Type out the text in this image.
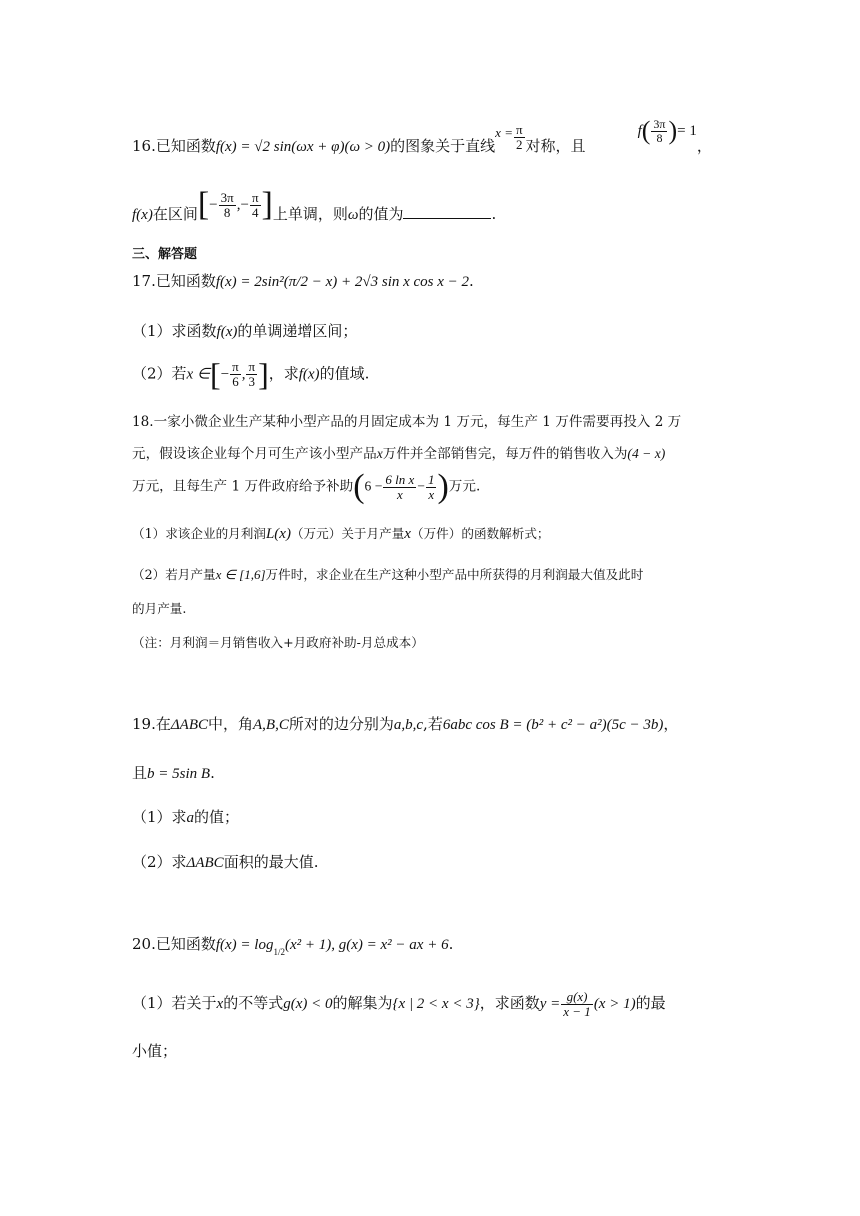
16.已知函数f(x) = √2 sin(ωx + φ)(ω > 0)的图象关于直线$x = \frac{\pi}{2}$ 对称，且$f( \frac{3\pi}{8}$ )= 1，
f(x)在区间[− $\frac{3\pi}{8}$ ,− $\frac{\pi}{4}$ ]上单调，则ω的值为	.
三、解答题
17.已知函数f(x) = 2sin²(π/2 − x) + 2√3 sin x cos x − 2.
（1）求函数f(x)的单调递增区间；
（2）若x ∈[− $\frac{\pi}{6}$ , $\frac{\pi}{3}$ ]，求f(x)的值域.
18.一家小微企业生产某种小型产品的月固定成本为 1 万元，每生产 1 万件需要再投入 2 万
元，假设该企业每个月可生产该小型产品x万件并全部销售完，每万件的销售收入为(4 − x)
万元，且每生产 1 万件政府给予补助($6 - \frac{\text{6 ln x}}{x} - \frac{1}{x}$ )万元.
（1）求该企业的月利润L(x)（万元）关于月产量x（万件）的函数解析式；
（2）若月产量x ∈ [1,6]万件时，求企业在生产这种小型产品中所获得的月利润最大值及此时
的月产量.
（注：月利润＝月销售收入+月政府补助-月总成本）
19.在ΔABC中，角A,B,C所对的边分别为a,b,c,若6abc cos B = (b² + c² − a²)(5c − 3b)，
且b = 5sin B.
（1）求a的值；
（2）求ΔABC面积的最大值.
20.已知函数$f(x) = \log_{1/2}(x^2 + 1)$, g(x) = x² − ax + 6.
（1）若关于x的不等式g(x) < 0的解集为{x | 2 < x < 3}，求函数$y = \frac{g(x)}{x - 1} (x > 1)$的最
小值；
